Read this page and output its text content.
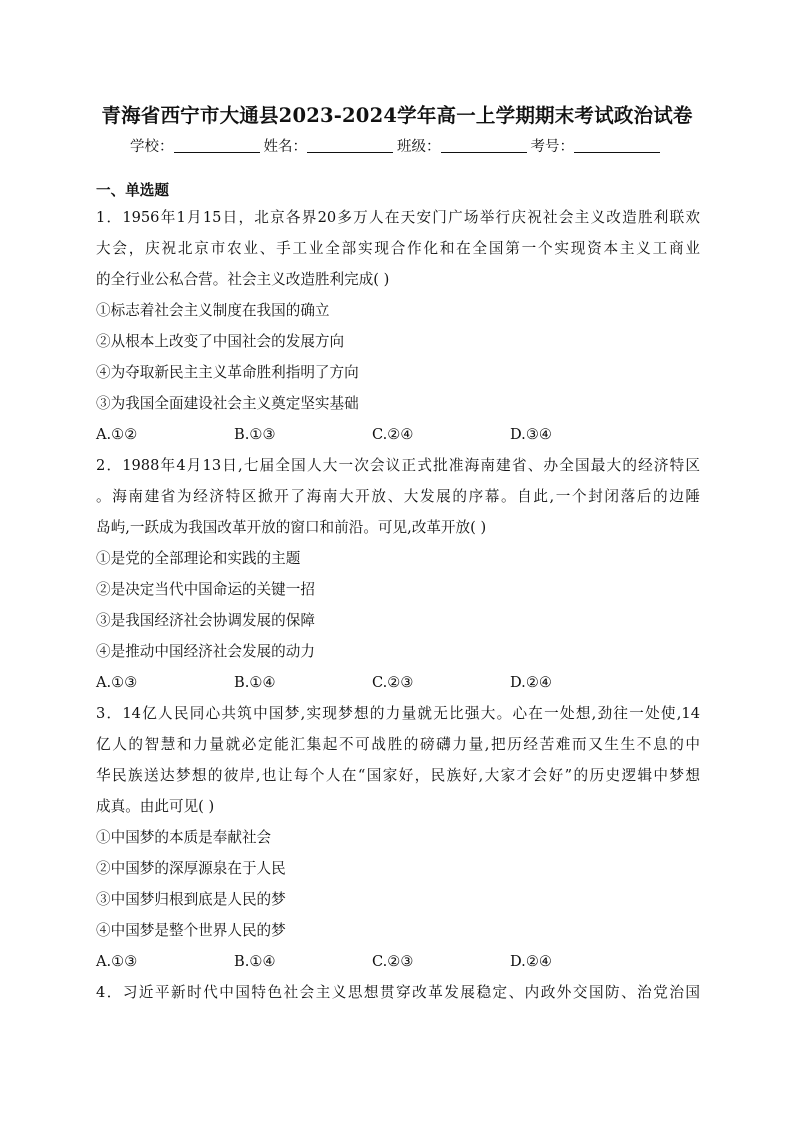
青海省西宁市大通县2023-2024学年高一上学期期末考试政治试卷
学校：	姓名：	班级：	考号：
一、单选题
1．1956年1月15日，北京各界20多万人在天安门广场举行庆祝社会主义改造胜利联欢
大会，庆祝北京市农业、手工业全部实现合作化和在全国第一个实现资本主义工商业
的全行业公私合营。社会主义改造胜利完成( )
①标志着社会主义制度在我国的确立
②从根本上改变了中国社会的发展方向
④为夺取新民主主义革命胜利指明了方向
③为我国全面建设社会主义奠定坚实基础
A.①②	B.①③	C.②④	D.③④
2．1988年4月13日,七届全国人大一次会议正式批准海南建省、办全国最大的经济特区
。海南建省为经济特区掀开了海南大开放、大发展的序幕。自此,一个封闭落后的边陲
岛屿,一跃成为我国改革开放的窗口和前沿。可见,改革开放( )
①是党的全部理论和实践的主题
②是决定当代中国命运的关键一招
③是我国经济社会协调发展的保障
④是推动中国经济社会发展的动力
A.①③	B.①④	C.②③	D.②④
3．14亿人民同心共筑中国梦,实现梦想的力量就无比强大。心在一处想,劲往一处使,14
亿人的智慧和力量就必定能汇集起不可战胜的磅礴力量,把历经苦难而又生生不息的中
华民族送达梦想的彼岸,也让每个人在“国家好，民族好,大家才会好”的历史逻辑中梦想
成真。由此可见( )
①中国梦的本质是奉献社会
②中国梦的深厚源泉在于人民
③中国梦归根到底是人民的梦
④中国梦是整个世界人民的梦
A.①③	B.①④	C.②③	D.②④
4．习近平新时代中国特色社会主义思想贯穿改革发展稳定、内政外交国防、治党治国
